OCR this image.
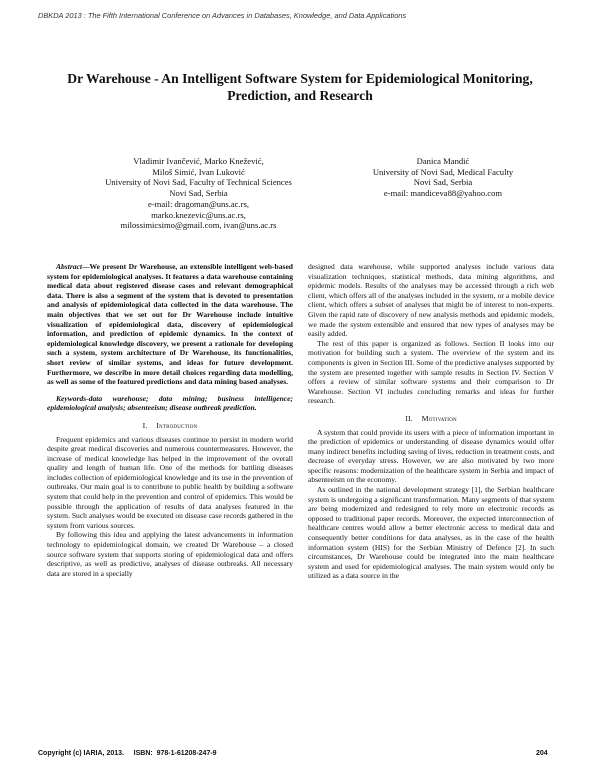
DBKDA 2013 : The Fifth International Conference on Advances in Databases, Knowledge, and Data Applications
Dr Warehouse - An Intelligent Software System for Epidemiological Monitoring, Prediction, and Research
Vladimir Ivančević, Marko Knežević,
Miloš Simić, Ivan Luković
University of Novi Sad, Faculty of Technical Sciences
Novi Sad, Serbia
e-mail: dragoman@uns.ac.rs,
marko.knezevic@uns.ac.rs,
milossimicsimo@gmail.com, ivan@uns.ac.rs
Danica Mandić
University of Novi Sad, Medical Faculty
Novi Sad, Serbia
e-mail: mandiceva88@yahoo.com

Abstract—We present Dr Warehouse, an extensible intelligent web-based system for epidemiological analyses. It features a data warehouse containing medical data about registered disease cases and relevant demographical data. There is also a segment of the system that is devoted to presentation and analysis of epidemiological data collected in the data warehouse. The main objectives that we set out for Dr Warehouse include intuitive visualization of epidemiological data, discovery of epidemiological information, and prediction of epidemic dynamics. In the context of epidemiological knowledge discovery, we present a rationale for developing such a system, system architecture of Dr Warehouse, its functionalities, short review of similar systems, and ideas for future development. Furthermore, we describe in more detail choices regarding data modelling, as well as some of the featured predictions and data mining based analyses.

Keywords-data warehouse; data mining; business intelligence; epidemiological analysis; absenteeism; disease outbreak prediction.

I. Introduction

Frequent epidemics and various diseases continue to persist in modern world despite great medical discoveries and numerous countermeasures. However, the increase of medical knowledge has helped in the improvement of the overall quality and length of human life. One of the methods for battling diseases includes collection of epidemiological knowledge and its use in the prevention of outbreaks. Our main goal is to contribute to public health by building a software system that could help in the prevention and control of epidemics. This would be possible through the application of results of data analyses featured in the system. Such analyses would be executed on disease case records gathered in the system from various sources.

By following this idea and applying the latest advancements in information technology to epidemiological domain, we created Dr Warehouse – a closed source software system that supports storing of epidemiological data and offers descriptive, as well as predictive, analyses of disease outbreaks. All necessary data are stored in a specially

designed data warehouse, while supported analyses include various data visualization techniques, statistical methods, data mining algorithms, and epidemic models. Results of the analyses may be accessed through a rich web client, which offers all of the analyses included in the system, or a mobile device client, which offers a subset of analyses that might be of interest to non-experts. Given the rapid rate of discovery of new analysis methods and epidemic models, we made the system extensible and ensured that new types of analyses may be easily added.

The rest of this paper is organized as follows. Section II looks into our motivation for building such a system. The overview of the system and its components is given in Section III. Some of the predictive analyses supported by the system are presented together with sample results in Section IV. Section V offers a review of similar software systems and their comparison to Dr Warehouse. Section VI includes concluding remarks and ideas for further research.

II. Motivation

A system that could provide its users with a piece of information important in the prediction of epidemics or understanding of disease dynamics would offer many indirect benefits including saving of lives, reduction in treatment costs, and decrease of everyday stress. However, we are also motivated by two more specific reasons: modernization of the healthcare system in Serbia and impact of absenteeism on the economy.

As outlined in the national development strategy [1], the Serbian healthcare system is undergoing a significant transformation. Many segments of that system are being modernized and redesigned to rely more on electronic records as opposed to traditional paper records. Moreover, the expected interconnection of healthcare centres would allow a better electronic access to medical data and consequently better conditions for data analyses, as in the case of the health information system (HIS) for the Serbian Ministry of Defence [2]. In such circumstances, Dr Warehouse could be integrated into the main healthcare system and used for epidemiological analyses. The main system would only be utilized as a data source in the

Copyright (c) IARIA, 2013.     ISBN:  978-1-61208-247-9	204
